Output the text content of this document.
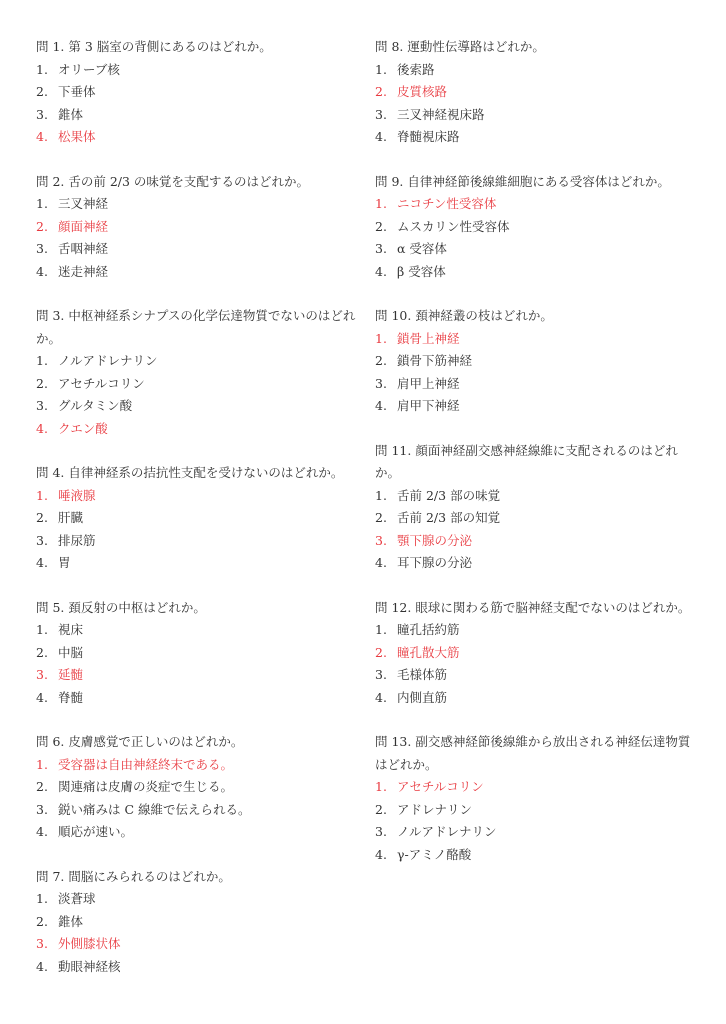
問 1. 第 3 脳室の背側にあるのはどれか。

1. オリーブ核
2. 下垂体
3. 錐体
4. 松果体

問 2. 舌の前 2/3 の味覚を支配するのはどれか。

1. 三叉神経
2. 顔面神経
3. 舌咽神経
4. 迷走神経

問 3. 中枢神経系シナプスの化学伝達物質でないのはどれか。

1. ノルアドレナリン
2. アセチルコリン
3. グルタミン酸
4. クエン酸

問 4. 自律神経系の拮抗性支配を受けないのはどれか。

1. 唾液腺
2. 肝臓
3. 排尿筋
4. 胃

問 5. 頚反射の中枢はどれか。

1. 視床
2. 中脳
3. 延髄
4. 脊髄

問 6. 皮膚感覚で正しいのはどれか。

1. 受容器は自由神経終末である。
2. 関連痛は皮膚の炎症で生じる。
3. 鋭い痛みは C 線維で伝えられる。
4. 順応が速い。

問 7. 間脳にみられるのはどれか。

1. 淡蒼球
2. 錐体
3. 外側膝状体
4. 動眼神経核

問 8. 運動性伝導路はどれか。

1. 後索路
2. 皮質核路
3. 三叉神経視床路
4. 脊髄視床路

問 9. 自律神経節後線維細胞にある受容体はどれか。

1. ニコチン性受容体
2. ムスカリン性受容体
3. α 受容体
4. β 受容体

問 10. 頚神経叢の枝はどれか。

1. 鎖骨上神経
2. 鎖骨下筋神経
3. 肩甲上神経
4. 肩甲下神経

問 11. 顔面神経副交感神経線維に支配されるのはどれか。

1. 舌前 2/3 部の味覚
2. 舌前 2/3 部の知覚
3. 顎下腺の分泌
4. 耳下腺の分泌

問 12. 眼球に関わる筋で脳神経支配でないのはどれか。

1. 瞳孔括約筋
2. 瞳孔散大筋
3. 毛様体筋
4. 内側直筋

問 13. 副交感神経節後線維から放出される神経伝達物質はどれか。

1. アセチルコリン
2. アドレナリン
3. ノルアドレナリン
4. γ-アミノ酪酸
